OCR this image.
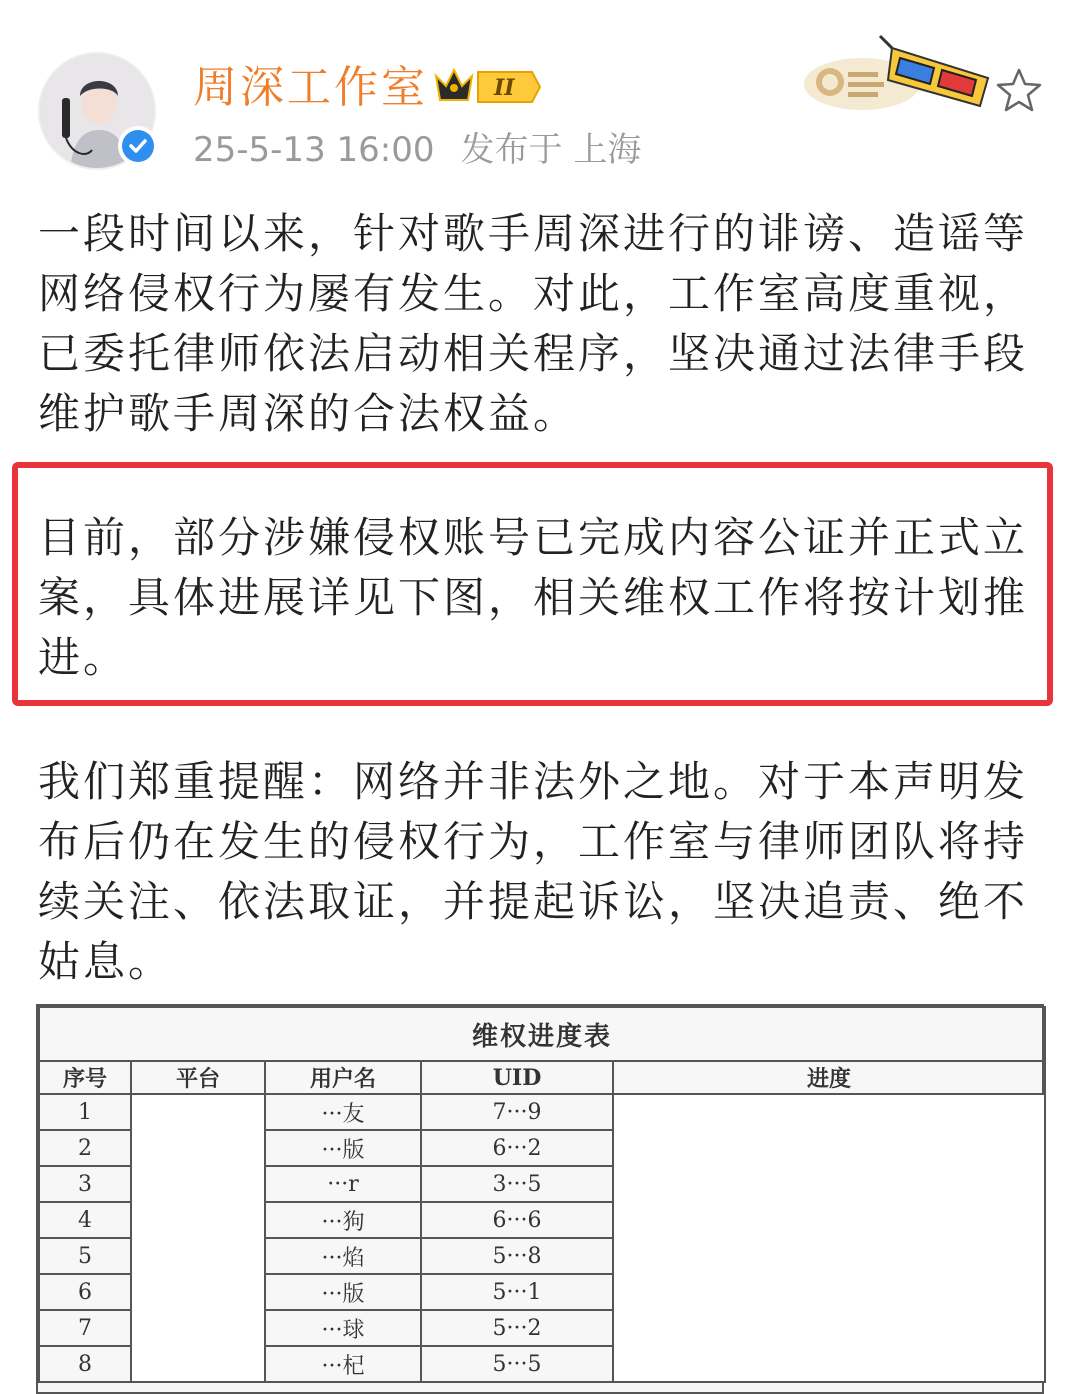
周深工作室	II
25-5-13 16:00 发布于 上海

一段时间以来，针对歌手周深进行的诽谤、造谣等网络侵权行为屡有发生。对此，工作室高度重视，已委托律师依法启动相关程序，坚决通过法律手段维护歌手周深的合法权益。

目前，部分涉嫌侵权账号已完成内容公证并正式立案，具体进展详见下图，相关维权工作将按计划推进。

我们郑重提醒：网络并非法外之地。对于本声明发布后仍在发生的侵权行为，工作室与律师团队将持续关注、依法取证，并提起诉讼，坚决追责、绝不姑息。

维权进度表				
序号	平台	用户名	UID	进度
1		···友	7···9	
2		···版	6···2	
3		···r	3···5	
4		···狗	6···6	
5		···焰	5···8	
6		···版	5···1	
7		···球	5···2	
8		···杞	5···5	
